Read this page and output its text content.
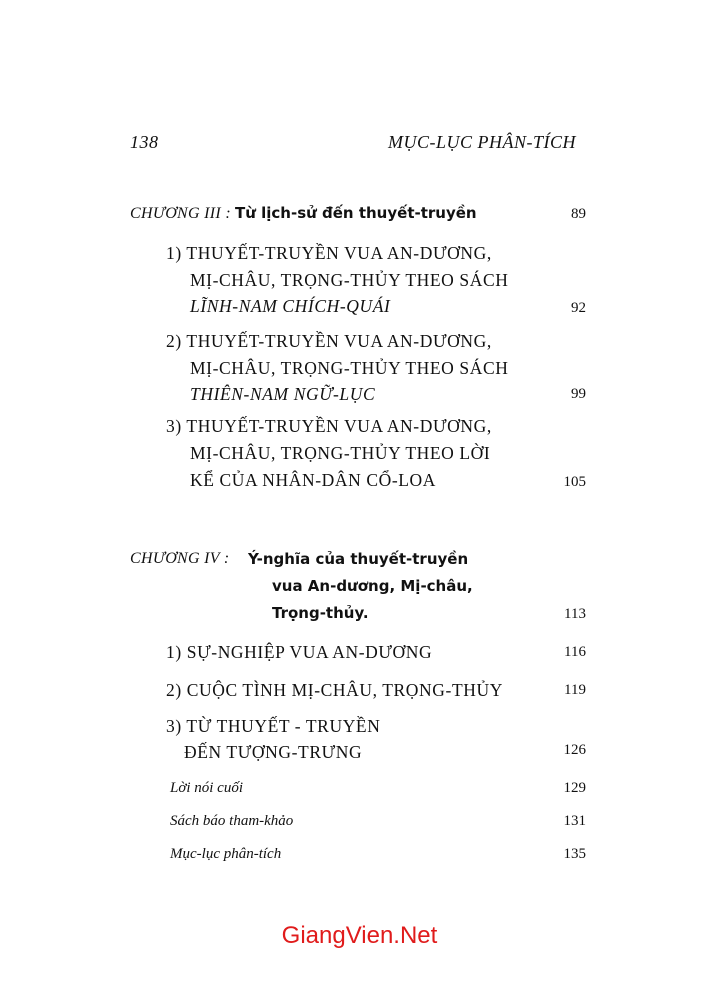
138	MỤC-LỤC PHÂN-TÍCH
CHƯƠNG III : Từ lịch-sử đến thuyết-truyền	89
1) THUYẾT-TRUYỀN VUA AN-DƯƠNG,
MỊ-CHÂU, TRỌNG-THỦY THEO SÁCH
LĨNH-NAM CHÍCH-QUÁI	92
2) THUYẾT-TRUYỀN VUA AN-DƯƠNG,
MỊ-CHÂU, TRỌNG-THỦY THEO SÁCH
THIÊN-NAM NGỮ-LỤC	99
3) THUYẾT-TRUYỀN VUA AN-DƯƠNG,
MỊ-CHÂU, TRỌNG-THỦY THEO LỜI
KỂ CỦA NHÂN-DÂN CỔ-LOA	105
CHƯƠNG IV : Ý-nghĩa của thuyết-truyền
vua An-dương, Mị-châu,
Trọng-thủy.	113
1) SỰ-NGHIỆP VUA AN-DƯƠNG	116
2) CUỘC TÌNH MỊ-CHÂU, TRỌNG-THỦY	119
3) TỪ THUYẾT - TRUYỀN
ĐẾN TƯỢNG-TRƯNG	126
Lời nói cuối	129
Sách báo tham-khảo	131
Mục-lục phân-tích	135
GiangVien.Net
